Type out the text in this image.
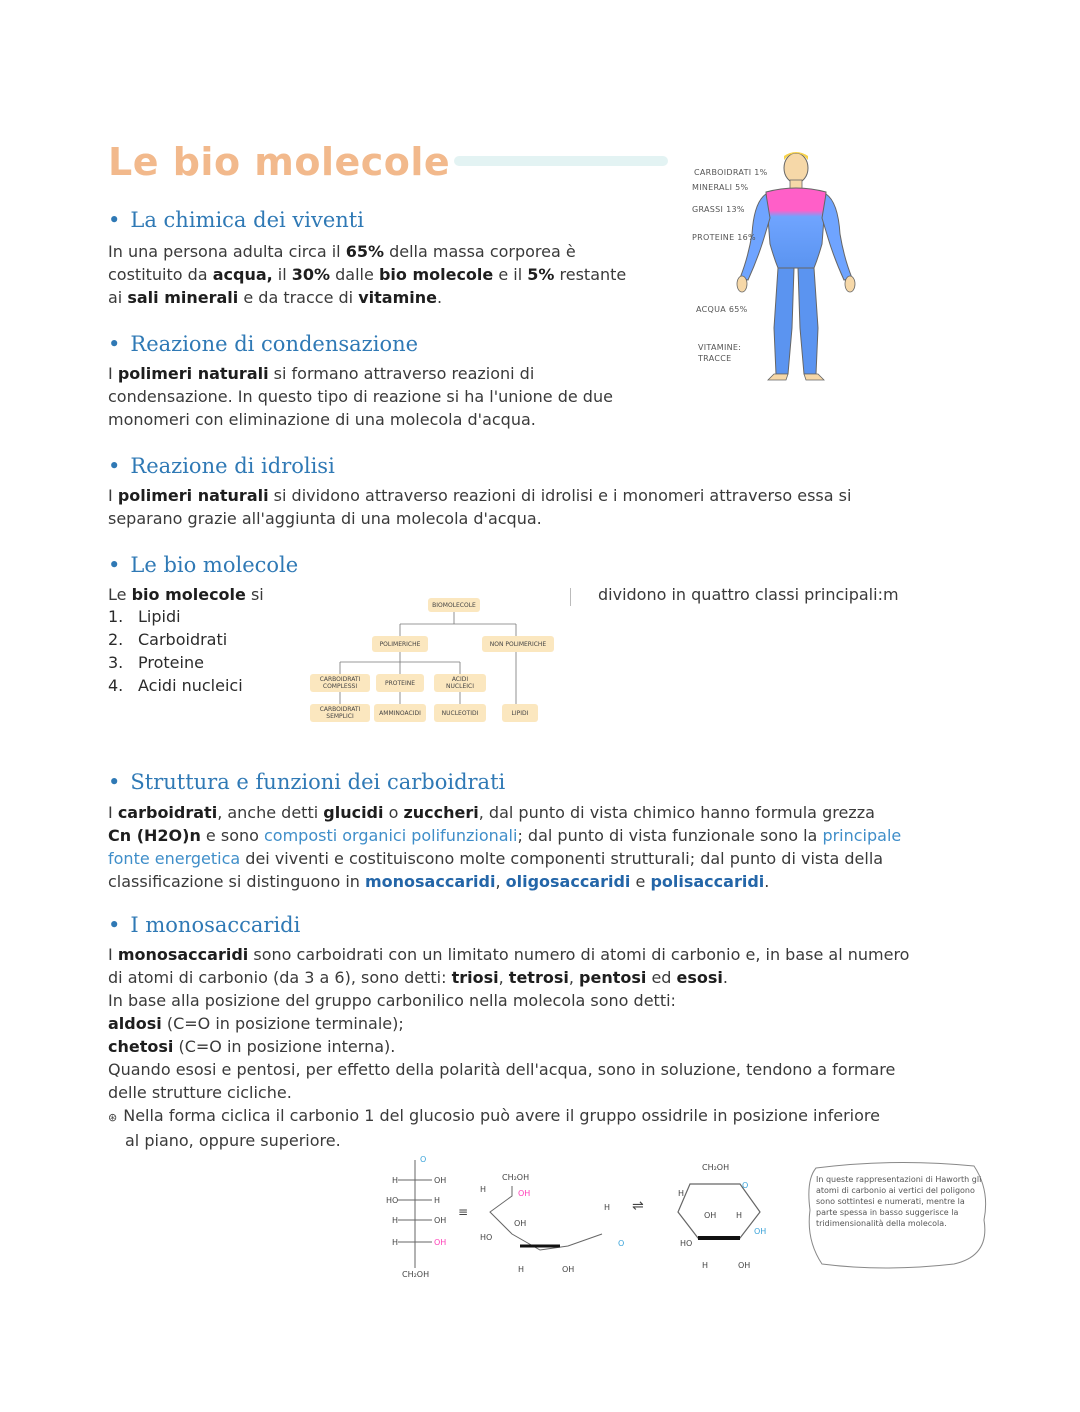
Le bio molecole
• La chimica dei viventi
In una persona adulta circa il 65% della massa corporea è
costituito da acqua, il 30% dalle bio molecole e il 5% restante
ai sali minerali e da tracce di vitamine.
CARBOIDRATI 1%
MINERALI 5%
GRASSI 13%
PROTEINE 16%
ACQUA 65%
VITAMINE:
TRACCE
• Reazione di condensazione
I polimeri naturali si formano attraverso reazioni di
condensazione. In questo tipo di reazione si ha l'unione de due
monomeri con eliminazione di una molecola d'acqua.
• Reazione di idrolisi
I polimeri naturali si dividono attraverso reazioni di idrolisi e i monomeri attraverso essa si
separano grazie all'aggiunta di una molecola d'acqua.
• Le bio molecole
Le bio molecole si	dividono in quattro classi principali:m
1. Lipidi
2. Carboidrati
3. Proteine
4. Acidi nucleici
BIOMOLECOLE
POLIMERICHE	NON POLIMERICHE
CARBOIDRATI
COMPLESSI	PROTEINE	ACIDI
NUCLEICI
CARBOIDRATI
SEMPLICI	AMMINOACIDI	NUCLEOTIDI	LIPIDI
• Struttura e funzioni dei carboidrati
I carboidrati, anche detti glucidi o zuccheri, dal punto di vista chimico hanno formula grezza
Cn (H2O)n e sono composti organici polifunzionali; dal punto di vista funzionale sono la principale
fonte energetica dei viventi e costituiscono molte componenti strutturali; dal punto di vista della
classificazione si distinguono in monosaccaridi, oligosaccaridi e polisaccaridi.
• I monosaccaridi
I monosaccaridi sono carboidrati con un limitato numero di atomi di carbonio e, in base al numero
di atomi di carbonio (da 3 a 6), sono detti: triosi, tetrosi, pentosi ed esosi.
In base alla posizione del gruppo carbonilico nella molecola sono detti:
aldosi (C=O in posizione terminale);
chetosi (C=O in posizione interna).
Quando esosi e pentosi, per effetto della polarità dell'acqua, sono in soluzione, tendono a formare
delle strutture cicliche.
⊛ Nella forma ciclica il carbonio 1 del glucosio può avere il gruppo ossidrile in posizione inferiore
al piano, oppure superiore.
H	OH
HO	H
H	OH
H	OH
O
CH₂OH
≡
CH₂OH
H	OH
OH
HO
H	OH
H
O
⇌
CH₂OH
O
H
OH
HO
H
OH
H	OH
In queste rappresentazioni di Haworth gli atomi di carbonio ai vertici del poligono sono sottintesi e numerati, mentre la parte spessa in basso suggerisce la tridimensionalità della molecola.
